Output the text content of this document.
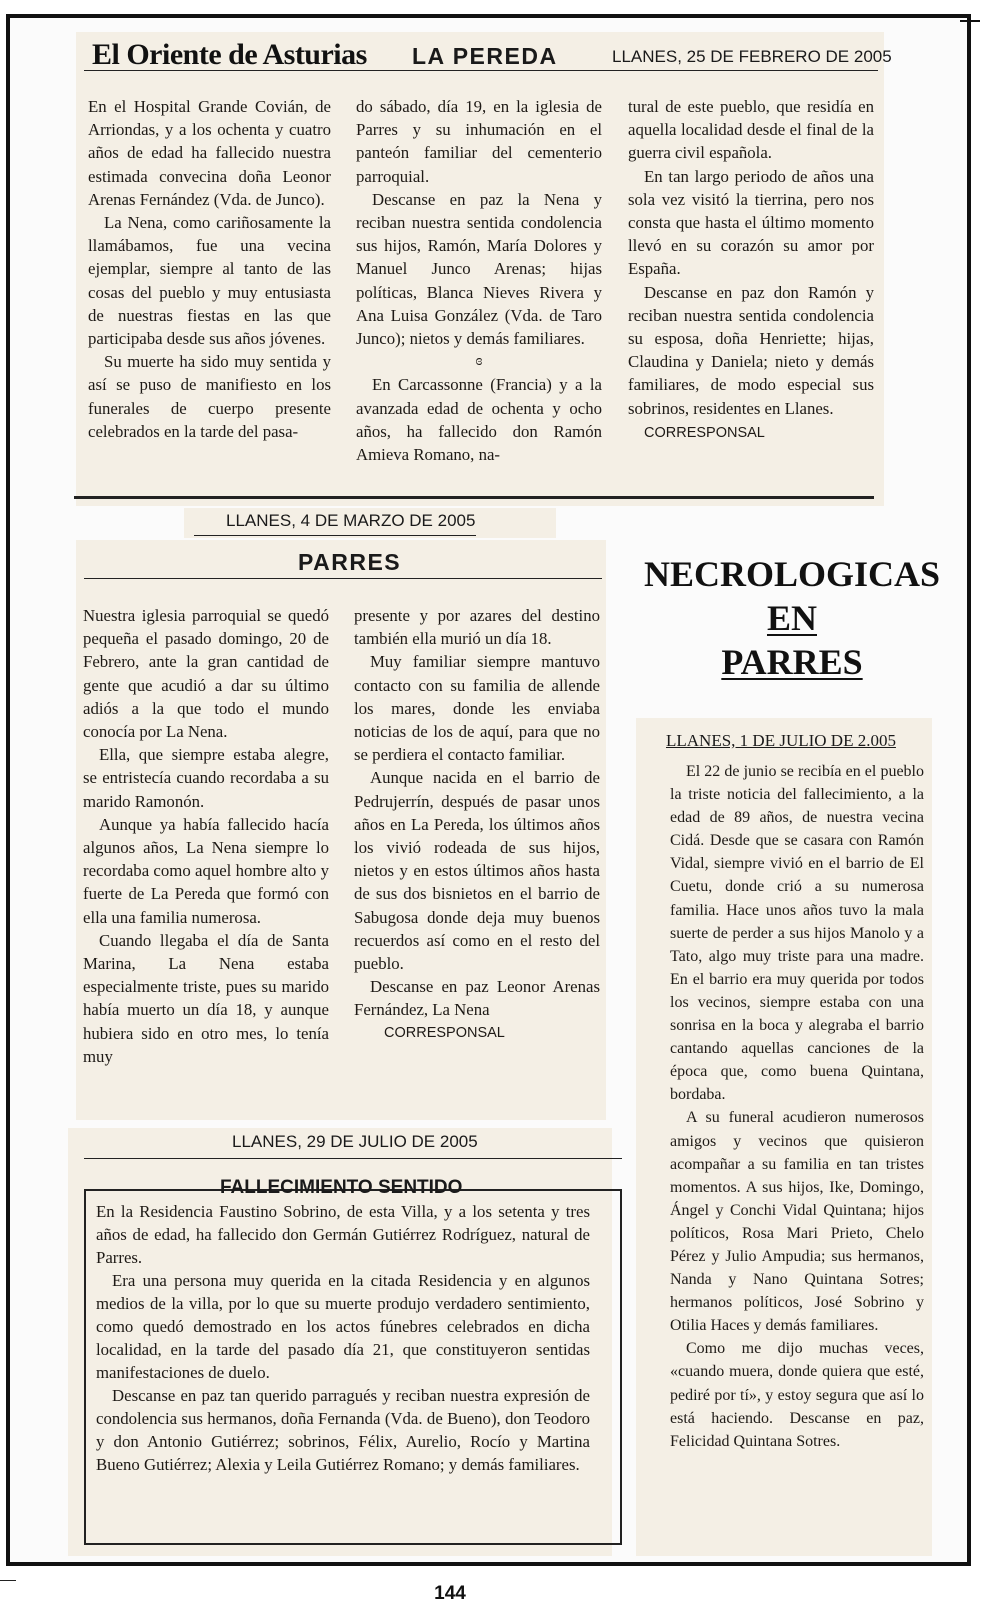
El Oriente de Asturias LA PEREDA	LLANES, 25 DE FEBRERO DE 2005

En el Hospital Grande Covián, de Arriondas, y a los ochenta y cuatro años de edad ha fallecido nuestra estimada convecina doña Leonor Arenas Fernández (Vda. de Junco).

La Nena, como cariñosamente la llamábamos, fue una vecina ejemplar, siempre al tanto de las cosas del pueblo y muy entusiasta de nuestras fiestas en las que participaba desde sus años jóvenes.

Su muerte ha sido muy sentida y así se puso de manifiesto en los funerales de cuerpo presente celebrados en la tarde del pasa-

do sábado, día 19, en la iglesia de Parres y su inhumación en el panteón familiar del cementerio parroquial.

Descanse en paz la Nena y reciban nuestra sentida condolencia sus hijos, Ramón, María Dolores y Manuel Junco Arenas; hijas políticas, Blanca Nieves Rivera y Ana Luisa González (Vda. de Taro Junco); nietos y demás familiares.

ɞ

En Carcassonne (Francia) y a la avanzada edad de ochenta y ocho años, ha fallecido don Ramón Amieva Romano, na-

tural de este pueblo, que residía en aquella localidad desde el final de la guerra civil española.

En tan largo periodo de años una sola vez visitó la tierrina, pero nos consta que hasta el último momento llevó en su corazón su amor por España.

Descanse en paz don Ramón y reciban nuestra sentida condolencia su esposa, doña Henriette; hijas, Claudina y Daniela; nieto y demás familiares, de modo especial sus sobrinos, residentes en Llanes.

CORRESPONSAL

LLANES, 4 DE MARZO DE 2005
PARRES

Nuestra iglesia parroquial se quedó pequeña el pasado domingo, 20 de Febrero, ante la gran cantidad de gente que acudió a dar su último adiós a la que todo el mundo conocía por La Nena.

Ella, que siempre estaba alegre, se entristecía cuando recordaba a su marido Ramonón.

Aunque ya había fallecido hacía algunos años, La Nena siempre lo recordaba como aquel hombre alto y fuerte de La Pereda que formó con ella una familia numerosa.

Cuando llegaba el día de Santa Marina, La Nena estaba especialmente triste, pues su marido había muerto un día 18, y aunque hubiera sido en otro mes, lo tenía muy

presente y por azares del destino también ella murió un día 18.

Muy familiar siempre mantuvo contacto con su familia de allende los mares, donde les enviaba noticias de los de aquí, para que no se perdiera el contacto familiar.

Aunque nacida en el barrio de Pedrujerrín, después de pasar unos años en La Pereda, los últimos años los vivió rodeada de sus hijos, nietos y en estos últimos años hasta de sus dos bisnietos en el barrio de Sabugosa donde deja muy buenos recuerdos así como en el resto del pueblo.

Descanse en paz Leonor Arenas Fernández, La Nena

CORRESPONSAL

LLANES, 29 DE JULIO DE 2005
FALLECIMIENTO SENTIDO

En la Residencia Faustino Sobrino, de esta Villa, y a los setenta y tres años de edad, ha fallecido don Germán Gutiérrez Rodríguez, natural de Parres.

Era una persona muy querida en la citada Residencia y en algunos medios de la villa, por lo que su muerte produjo verdadero sentimiento, como quedó demostrado en los actos fúnebres celebrados en dicha localidad, en la tarde del pasado día 21, que constituyeron sentidas manifestaciones de duelo.

Descanse en paz tan querido parragués y reciban nuestra expresión de condolencia sus hermanos, doña Fernanda (Vda. de Bueno), don Teodoro y don Antonio Gutiérrez; sobrinos, Félix, Aurelio, Rocío y Martina Bueno Gutiérrez; Alexia y Leila Gutiérrez Romano; y demás familiares.

NECROLOGICAS
EN
PARRES
LLANES, 1 DE JULIO DE 2.005

El 22 de junio se recibía en el pueblo la triste noticia del fallecimiento, a la edad de 89 años, de nuestra vecina Cidá. Desde que se casara con Ramón Vidal, siempre vivió en el barrio de El Cuetu, donde crió a su numerosa familia. Hace unos años tuvo la mala suerte de perder a sus hijos Manolo y a Tato, algo muy triste para una madre. En el barrio era muy querida por todos los vecinos, siempre estaba con una sonrisa en la boca y alegraba el barrio cantando aquellas canciones de la época que, como buena Quintana, bordaba.

A su funeral acudieron numerosos amigos y vecinos que quisieron acompañar a su familia en tan tristes momentos. A sus hijos, Ike, Domingo, Ángel y Conchi Vidal Quintana; hijos políticos, Rosa Mari Prieto, Chelo Pérez y Julio Ampudia; sus hermanos, Nanda y Nano Quintana Sotres; hermanos políticos, José Sobrino y Otilia Haces y demás familiares.

Como me dijo muchas veces, «cuando muera, donde quiera que esté, pediré por tí», y estoy segura que así lo está haciendo. Descanse en paz, Felicidad Quintana Sotres.

144
